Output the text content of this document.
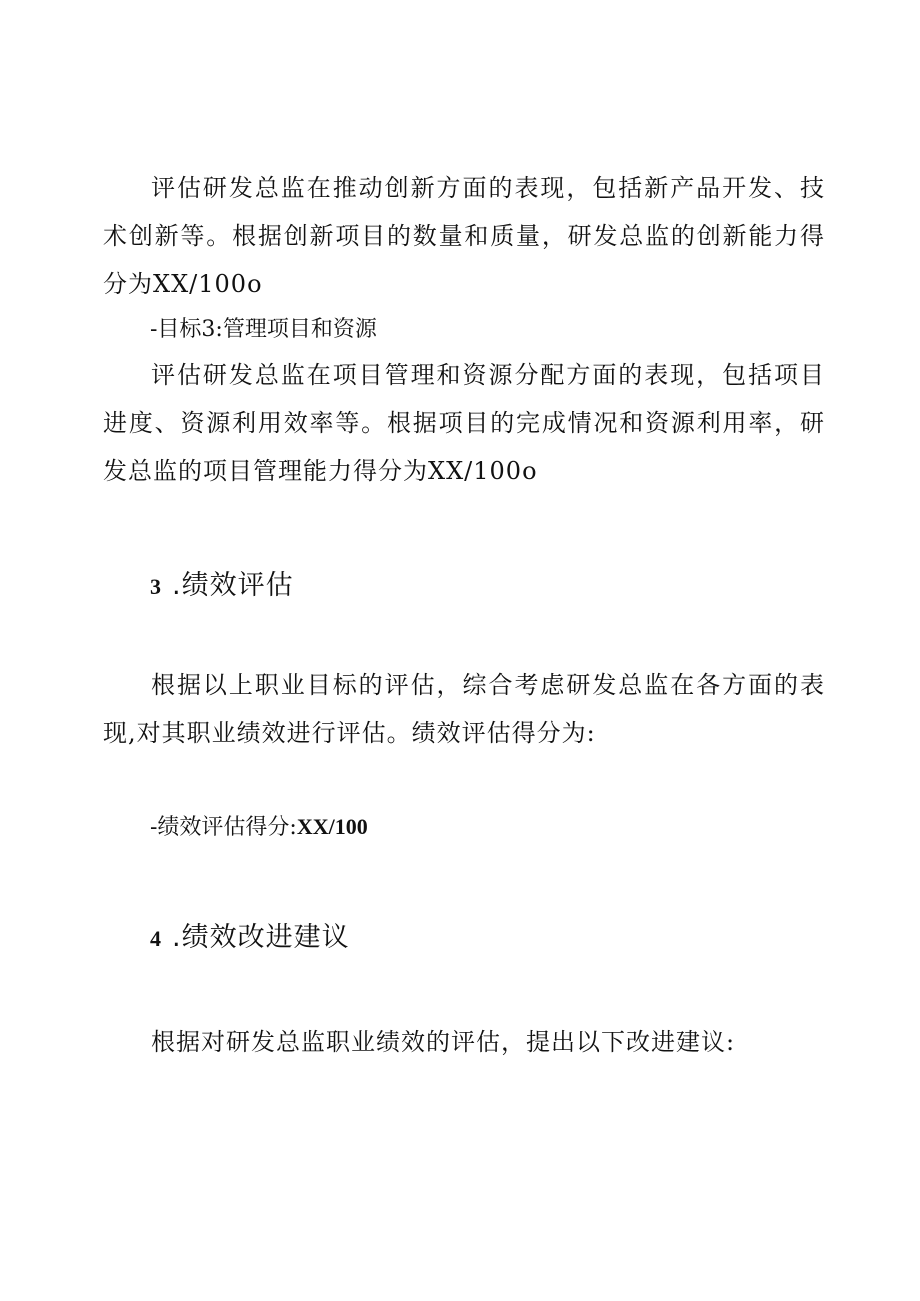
评估研发总监在推动创新方面的表现，包括新产品开发、技术创新等。根据创新项目的数量和质量，研发总监的创新能力得分为XX/100o

-目标3:管理项目和资源

评估研发总监在项目管理和资源分配方面的表现，包括项目进度、资源利用效率等。根据项目的完成情况和资源利用率，研发总监的项目管理能力得分为XX/100o

3 .绩效评估

根据以上职业目标的评估，综合考虑研发总监在各方面的表现,对其职业绩效进行评估。绩效评估得分为:

-绩效评估得分:XX/100

4 .绩效改进建议

根据对研发总监职业绩效的评估，提出以下改进建议:
